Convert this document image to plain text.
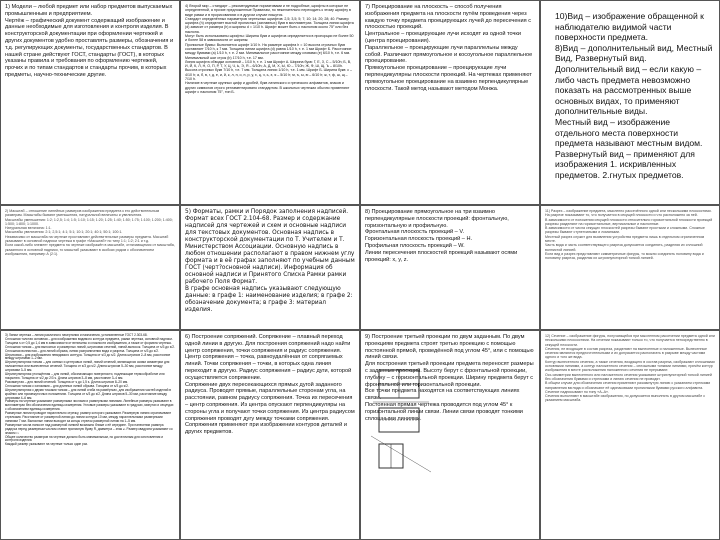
1) Модели – любой предмет или набор предметов выпускаемых промышленным и предприятием.
Чертёж – графический документ содержащий изображение и данные необходимые для изготовления и контроля изделия. В конструкторской документации при оформлении чертежей и других документов удобно проставлять размеры, обозначения и т.д. регулирующих документы, государственных стандартов. В нашей стране действуют ГОСТ, стандарты (ГОСТ), в которых указаны правила и требования по оформлению чертежей, прочих и по типам стандартов и стандарты прочим, в которых предметы, научно-технические другие.

4) Второй мир – стандарт – рекомендуемые нормативами и не подробные, шрифты в которые не определенной, а прочие предложенные Правилам, но нежелательно переходить к этому шрифту в виде рамки и в прорисованиях и в другом случае пишутся.
Стандарт определённых параметров чертежных шрифтов: 2,5; 3,5; 5; 7; 10; 14; 20; 28; 40. Размер шрифта (h) определяет выстой прописных (заглавных) букв в миллиметрах. Толщина линии шрифта (d) зависит от размера (h) и ширины d = 1/10 h. Шрифт может быть с наклоном около 75° или без наклона.
Могут быть использованы шрифты: Ширина букв и шрифтов определяется в пропорции не более 50 и более 58 в зависимости от ширины:
Прописные буквы: Выпоняется шрифт 1/10 h. На размере шрифта h = 10 высота строчных букв составляет 7/10 h, к 7 мм. Толщина линии шрифта (d) равна 1/10 h, т. е. 1 мм Шрифт Б. Расстояние между буквами (a) 1/10 h, т. е. 2 мм. Минимальное расстояние между словами (е) 6/10 h, т.е. 6 мм. Минимальный шаг строк (b) 17/10 h, т.е. 17 мм.
Линия шрифта обводки основной – 1/10 h, т. е. 1 мм Шрифт А. Ширина букв: Г, Е, З, С – 5/10h; Б, В, И, Й, К, Л, Н, О, П, Р, Т, У, Ц, Ч, Ь, Э, Я – 6/10h; А, Д, М, Х, Ы, Ю – 7/10h; Ж, Ф, Ш, Щ, Ъ – 8/10h.
Высота строчных букв 7/10 h, т.е. 7 мм. Толщина линии 1/10 h, т.е. 1 мм. Шрифт Б. Ширина букв: с – 4/10 h; а, б, в, г, д, е, и, й, к, л, н, о, п, р, у, х, ц, ч, ь, э, я – 5/10 h; м, ъ, ы, ю – 6/10 h; ж, т, ф, ш, щ – 7/10 h.
Наличие в чертеже крупных цифр и дробей, букв латинского и греческого алфавитов, знаков и других символов строго регламентировано стандартом. В школьных чертежах обычно применяют шрифт с наклоном 75°, тип Б.

7) Проецирование на плоскость – способ получения изображения предмета на плоскости путём проведения через каждую точку предмета проецирующих лучей до пересечения с плоскостью проекций.
Центральное – проецирующие лучи исходят из одной точки (центра проецирования).
Параллельное – проецирующие лучи параллельны между собой. Различают прямоугольное и косоугольное параллельное проецирование.
Прямоугольное проецирование – проецирующие лучи перпендикулярны плоскости проекций. На чертежах применяют прямоугольное проецирование на взаимно перпендикулярные плоскости. Такой метод называют методом Монжа.

10)Вид – изображение обращенной к наблюдателю видимой части поверхности предмета.
8)Вид – дополнительный вид, Местный Вид, Развернутый вид.
Дополнительный вид – если какую – либо часть предмета невозможно показать на рассмотренных выше основных видах, то применяют дополнительные виды.
Местный вид – изображение отдельного места поверхности предмета называют местным видом.
Развернутый вид – применяют для изображения 1. искривленных предметов. 2.гнутых предметов.

2) Масштаб – отношение линейных размеров изображения предмета к его действительным размерам. Масштабы бывают уменьшения, натуральной величины и увеличения.
Масштабы уменьшения: 1:2; 1:2,5; 1:4; 1:5; 1:10; 1:15; 1:20; 1:25; 1:40; 1:50; 1:75; 1:100; 1:200; 1:400; 1:500; 1:800; 1:1000.
Натуральная величина: 1:1.
Масштабы увеличения: 2:1; 2,5:1; 4:1; 5:1; 10:1; 20:1; 40:1; 50:1; 100:1.
Независимо от масштаба на чертеже проставляют действительные размеры предмета. Масштаб указывают в основной надписи чертежа в графе «Масштаб» по типу 1:1; 1:2; 2:1 и т.д.
Если какой-либо элемент предмета на чертеже изображён в масштабе, отличающемся от масштаба, указанного в основной надписи, то масштаб указывают в скобках рядом с обозначением изображения, например А (2:1).

5) Форматы, рамки и Порядок заполнения надписей. Формат всех ГОСТ 2.104-68. Размер и содержание надписей для чертежей и схем и основные надписи для текстовых документов. Основная надпись в конструкторской документации по Т. Учителем и Т. Министерством Ассоциации. Основную надпись в любом отношении располагают в правом нижнем углу формата и в её графах заполняют по учебным данным ГОСТ (черт?основной надписи). Информация об основной надписи и Принятого Списка Рамки рамки рабочего Поля Формат.
В графе основная надпись указывают следующую данные: в графе 1: наименование изделия; в графе 2: обозначение документа; в графе 3: материал изделия.

8) Проецирование прямоугольное на три взаимно перпендикулярные плоскости проекций: фронтальную, горизонтальную и профильную.
Фронтальная плоскость проекций – V.
Горизонтальная плоскость проекций – H.
Профильная плоскость проекций – W.
Линии пересечения плоскостей проекций называют осями проекций: x, y, z.

11) Разрез – изображение предмета, мысленно рассечённого одной или несколькими плоскостями. На разрезе показывают то, что получается в секущей плоскости и что расположено за ней.
В зависимости от положения секущей плоскости относительно горизонтальной плоскости проекций разрезы разделяют на горизонтальные, вертикальные и наклонные.
В зависимости от числа секущих плоскостей разрезы бывают простыми и сложными. Сложные разрезы бывают ступенчатыми и ломаными.
Местный разрез служит для выявления устройства предмета лишь в отдельном ограниченном месте.
Часть вида и часть соответствующего разреза допускается соединять, разделяя их сплошной волнистой линией.
Если вид и разрез представляют симметричные фигуры, то можно соединять половину вида и половину разреза, разделяя их штрихпунктирной тонкой линией.

3) Линии чертежа – линии различного начертания и назначения, установленные ГОСТ 2.303-68.
Сплошная толстая основная – для изображения видимого контура предмета, рамки чертежа, основной надписи. Толщина s от 0,5 до 1,4 мм в зависимости от величины и сложности изображения, а также от формата чертежа.
Сплошная тонкая – для выносных и размерных линий, штриховки сечений, линий-выносок. Толщина от s/3 до s/2.
Сплошная волнистая – для линий обрыва, линии разграничения вида и разреза. Толщина от s/3 до s/2.
Штриховая – для изображения невидимого контура. Толщина от s/3 до s/2. Длина штрихов 2–8 мм, расстояние между штрихами 1–2 мм.
Штрихпунктирная тонкая – для осевых и центровых линий, линий сечений, являющихся осями симметрии для наложенных или вынесенных сечений. Толщина от s/3 до s/2. Длина штрихов 5–30 мм, расстояние между штрихами 3–5 мм.
Штрихпунктирная утолщённая – для линий, обозначающих поверхности, подлежащие термообработке или покрытию. Толщина от s/2 до 2/3 s. Длина штрихов 3–8 мм, расстояние 3–4 мм.
Разомкнутая – для линий сечений. Толщина от s до 1,5 s. Длина штрихов 8–20 мм.
Сплошная тонкая с изломами – для длинных линий обрыва. Толщина от s/3 до s/2.
Штрихпунктирная с двумя точками тонкая – для линий сгиба на развёртках, для изображения частей изделий в крайних или промежуточных положениях. Толщина от s/3 до s/2. Длина штрихов 5–30 мм, расстояние между штрихами 4–6 мм.
Размеры на чертеже указывают размерными числами и размерными линиями. Линейные размеры указывают в миллиметрах без обозначения единицы измерения. Угловые размеры указывают в градусах, минутах и секундах с обозначением единицы измерения.
Размерные линии проводят параллельно отрезку, размер которого указывают. Размерную линию ограничивают стрелками. Расстояние от размерной линии до линии контура 10 мм, между параллельными размерными линиями 7 мм. Выносные линии выходят за концы стрелок размерной линии на 1–5 мм.
Размерные числа наносят над размерной линией возможно ближе к её середине. При нанесении размера радиуса перед размерным числом ставят прописную букву R, диаметра – знак ⌀. Размер квадрата указывают со знаком □.
Общее количество размеров на чертеже должно быть минимальным, но достаточным для изготовления и контроля изделия.
Каждый размер указывают на чертеже только один раз.

6) Построение сопряжений. Сопряжение – плавный переход одной линии в другую. Для построения сопряжений надо найти центр сопряжения, точки сопряжения и радиус сопряжения.
Центр сопряжения – точка, равноудалённая от сопрягаемых линий. Точки сопряжения – точки, в которых одна линия переходит в другую. Радиус сопряжения – радиус дуги, которой осуществляется сопряжение.
Сопряжение двух пересекающихся прямых дугой заданного радиуса. Проводят прямые, параллельные сторонам угла, на расстоянии, равном радиусу сопряжения. Точка их пересечения – центр сопряжения. Из центра опускают перпендикуляры на стороны угла и получают точки сопряжения. Из центра радиусом сопряжения проводят дугу между точками сопряжения.
Сопряжения применяют при изображении контуров деталей и других предметов.

9) Построение третьей проекции по двум заданным. По двум проекциям предмета строят третью проекцию с помощью постоянной прямой, проведённой под углом 45°, или с помощью линий связи.
Для построения третьей проекции предмета переносят размеры с заданных проекций. Высоту берут с фронтальной проекции, глубину – с горизонтальной проекции. Ширину предмета берут с фронтальной или горизонтальной проекции.
Все точки предмета находятся на соответствующих линиях связи.
Постоянная прямая чертежа проводится под углом 45° к горизонтальной линии связи. Линии связи проводят тонкими сплошными линиями.

12) Сечение – изображение фигуры, получающейся при мысленном рассечении предмета одной или несколькими плоскостями. На сечении показывают только то, что получается непосредственно в секущей плоскости.
Сечения, не входящие в состав разреза, разделяют на вынесенные и наложенные. Вынесенные сечения являются предпочтительными и их допускается располагать в разрыве между частями одного и того же вида.
Контур вынесенного сечения, а также сечения, входящего в состав разреза, изображают сплошными основными линиями, а контур наложенного сечения – сплошными тонкими линиями, причём контур изображения в месте расположения наложенного сечения не прерывают.
Ось симметрии вынесенного или наложенного сечения указывают штрихпунктирной тонкой линией без обозначения буквами и стрелками и линию сечения не проводят.
В общем случае для обозначения сечения применяют разомкнутую линию с указанием стрелками направления взгляда и обозначают её одинаковыми прописными буквами русского алфавита.
Сечение надписывают по типу «А–А».
Сечения выполняют в масштабе изображения, но допускается выполнять в другом масштабе с указанием масштаба.
